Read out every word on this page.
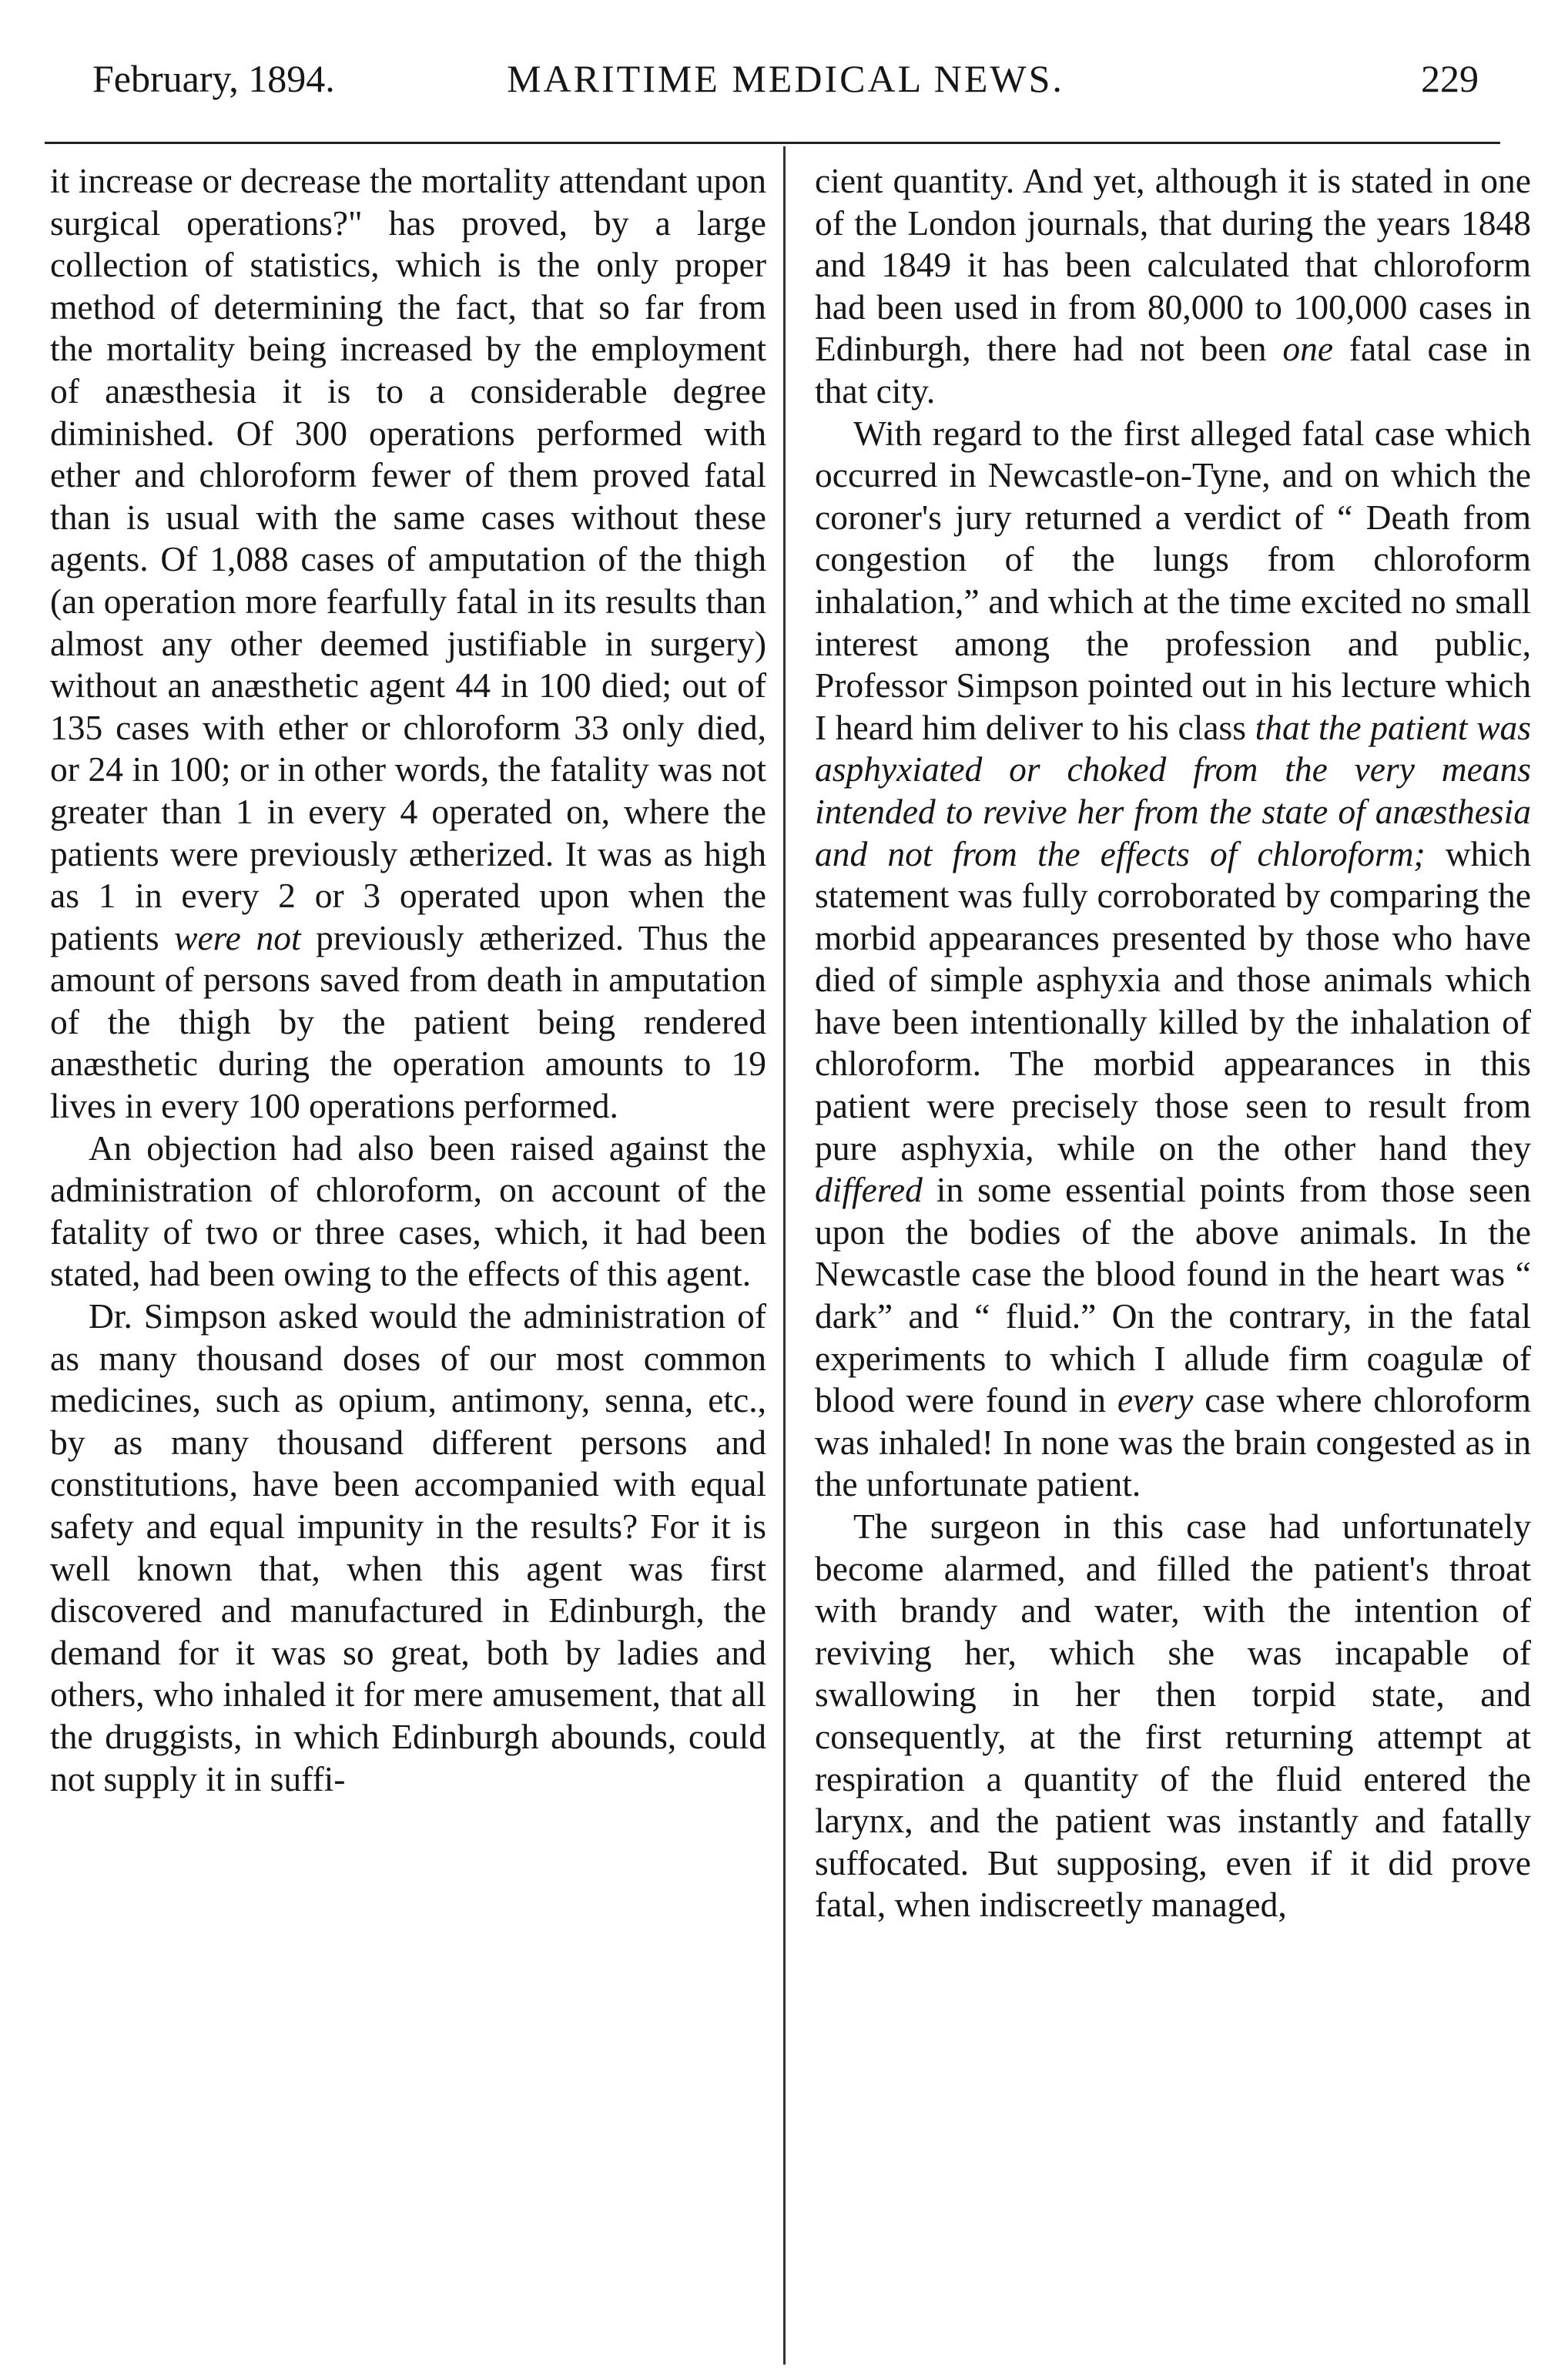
February, 1894.	MARITIME MEDICAL NEWS.	229

it increase or decrease the mortality attendant upon surgical operations?" has proved, by a large collection of statistics, which is the only proper method of determining the fact, that so far from the mortality being increased by the employment of anæsthesia it is to a considerable degree diminished. Of 300 operations performed with ether and chloroform fewer of them proved fatal than is usual with the same cases without these agents. Of 1,088 cases of amputation of the thigh (an operation more fearfully fatal in its results than almost any other deemed justifiable in surgery) without an anæsthetic agent 44 in 100 died; out of 135 cases with ether or chloroform 33 only died, or 24 in 100; or in other words, the fatality was not greater than 1 in every 4 operated on, where the patients were previously ætherized. It was as high as 1 in every 2 or 3 operated upon when the patients were not previously ætherized. Thus the amount of persons saved from death in amputation of the thigh by the patient being rendered anæsthetic during the operation amounts to 19 lives in every 100 operations performed.

An objection had also been raised against the administration of chloroform, on account of the fatality of two or three cases, which, it had been stated, had been owing to the effects of this agent.

Dr. Simpson asked would the administration of as many thousand doses of our most common medicines, such as opium, antimony, senna, etc., by as many thousand different persons and constitutions, have been accompanied with equal safety and equal impunity in the results? For it is well known that, when this agent was first discovered and manufactured in Edinburgh, the demand for it was so great, both by ladies and others, who inhaled it for mere amusement, that all the druggists, in which Edinburgh abounds, could not supply it in suffi-

cient quantity. And yet, although it is stated in one of the London journals, that during the years 1848 and 1849 it has been calculated that chloroform had been used in from 80,000 to 100,000 cases in Edinburgh, there had not been one fatal case in that city.

With regard to the first alleged fatal case which occurred in Newcastle-on-Tyne, and on which the coroner's jury returned a verdict of “ Death from congestion of the lungs from chloroform inhalation,” and which at the time excited no small interest among the profession and public, Professor Simpson pointed out in his lecture which I heard him deliver to his class that the patient was asphyxiated or choked from the very means intended to revive her from the state of anæsthesia and not from the effects of chloroform; which statement was fully corroborated by comparing the morbid appearances presented by those who have died of simple asphyxia and those animals which have been intentionally killed by the inhalation of chloroform. The morbid appearances in this patient were precisely those seen to result from pure asphyxia, while on the other hand they differed in some essential points from those seen upon the bodies of the above animals. In the Newcastle case the blood found in the heart was “ dark” and “ fluid.” On the contrary, in the fatal experiments to which I allude firm coagulæ of blood were found in every case where chloroform was inhaled! In none was the brain congested as in the unfortunate patient.

The surgeon in this case had unfortunately become alarmed, and filled the patient's throat with brandy and water, with the intention of reviving her, which she was incapable of swallowing in her then torpid state, and consequently, at the first returning attempt at respiration a quantity of the fluid entered the larynx, and the patient was instantly and fatally suffocated. But supposing, even if it did prove fatal, when indiscreetly managed,
